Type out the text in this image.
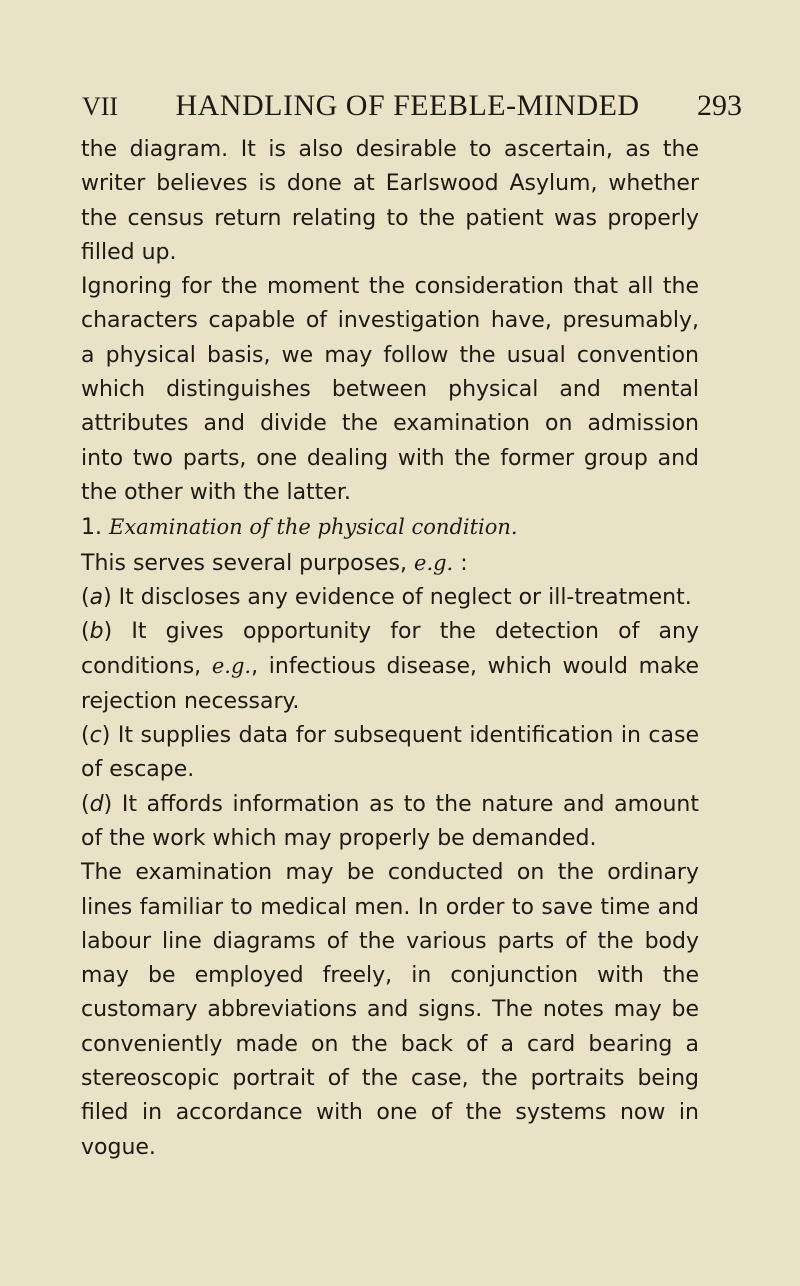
VII HANDLING OF FEEBLE-MINDED 293

the diagram. It is also desirable to ascertain, as the writer believes is done at Earlswood Asylum, whether the census return relating to the patient was properly filled up.

Ignoring for the moment the consideration that all the characters capable of investigation have, presumably, a physical basis, we may follow the usual convention which distinguishes between physical and mental attributes and divide the examination on admission into two parts, one dealing with the former group and the other with the latter.

1. Examination of the physical condition.

This serves several purposes, e.g. :

(a) It discloses any evidence of neglect or ill-treatment.

(b) It gives opportunity for the detection of any conditions, e.g., infectious disease, which would make rejection necessary.

(c) It supplies data for subsequent identification in case of escape.

(d) It affords information as to the nature and amount of the work which may properly be demanded.

The examination may be conducted on the ordinary lines familiar to medical men. In order to save time and labour line diagrams of the various parts of the body may be employed freely, in conjunction with the customary abbreviations and signs. The notes may be conveniently made on the back of a card bearing a stereoscopic portrait of the case, the portraits being filed in accordance with one of the systems now in vogue.
